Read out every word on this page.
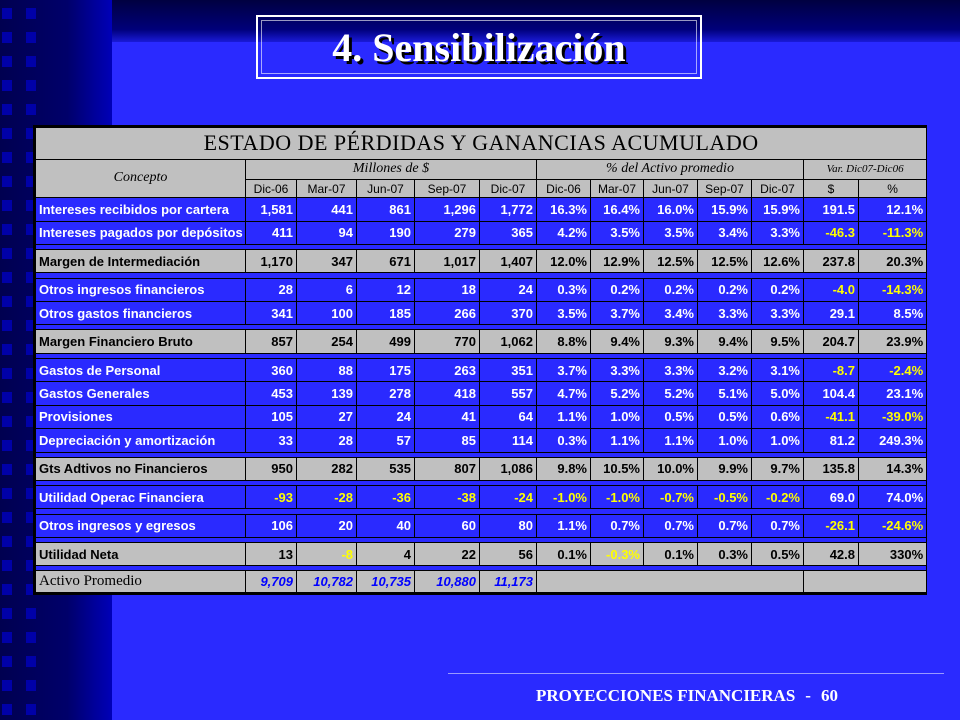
4. Sensibilización
ESTADO DE PÉRDIDAS Y GANANCIAS ACUMULADO												
Concepto	Millones de $					% del Activo promedio					Var. Dic07-Dic06	
	Dic-06	Mar-07	Jun-07	Sep-07	Dic-07	Dic-06	Mar-07	Jun-07	Sep-07	Dic-07	$	%
Intereses recibidos por cartera	1,581	441	861	1,296	1,772	16.3%	16.4%	16.0%	15.9%	15.9%	191.5	12.1%
Intereses pagados por depósitos	411	94	190	279	365	4.2%	3.5%	3.5%	3.4%	3.3%	-46.3	-11.3%

Margen de Intermediación	1,170	347	671	1,017	1,407	12.0%	12.9%	12.5%	12.5%	12.6%	237.8	20.3%

Otros ingresos financieros	28	6	12	18	24	0.3%	0.2%	0.2%	0.2%	0.2%	-4.0	-14.3%
Otros gastos financieros	341	100	185	266	370	3.5%	3.7%	3.4%	3.3%	3.3%	29.1	8.5%

Margen Financiero Bruto	857	254	499	770	1,062	8.8%	9.4%	9.3%	9.4%	9.5%	204.7	23.9%

Gastos de Personal	360	88	175	263	351	3.7%	3.3%	3.3%	3.2%	3.1%	-8.7	-2.4%
Gastos Generales	453	139	278	418	557	4.7%	5.2%	5.2%	5.1%	5.0%	104.4	23.1%
Provisiones	105	27	24	41	64	1.1%	1.0%	0.5%	0.5%	0.6%	-41.1	-39.0%
Depreciación y amortización	33	28	57	85	114	0.3%	1.1%	1.1%	1.0%	1.0%	81.2	249.3%

Gts Adtivos no Financieros	950	282	535	807	1,086	9.8%	10.5%	10.0%	9.9%	9.7%	135.8	14.3%

Utilidad Operac Financiera	-93	-28	-36	-38	-24	-1.0%	-1.0%	-0.7%	-0.5%	-0.2%	69.0	74.0%

Otros ingresos y egresos	106	20	40	60	80	1.1%	0.7%	0.7%	0.7%	0.7%	-26.1	-24.6%

Utilidad Neta	13	-8	4	22	56	0.1%	-0.3%	0.1%	0.3%	0.5%	42.8	330%

Activo Promedio	9,709	10,782	10,735	10,880	11,173							
PROYECCIONES FINANCIERAS - 60
